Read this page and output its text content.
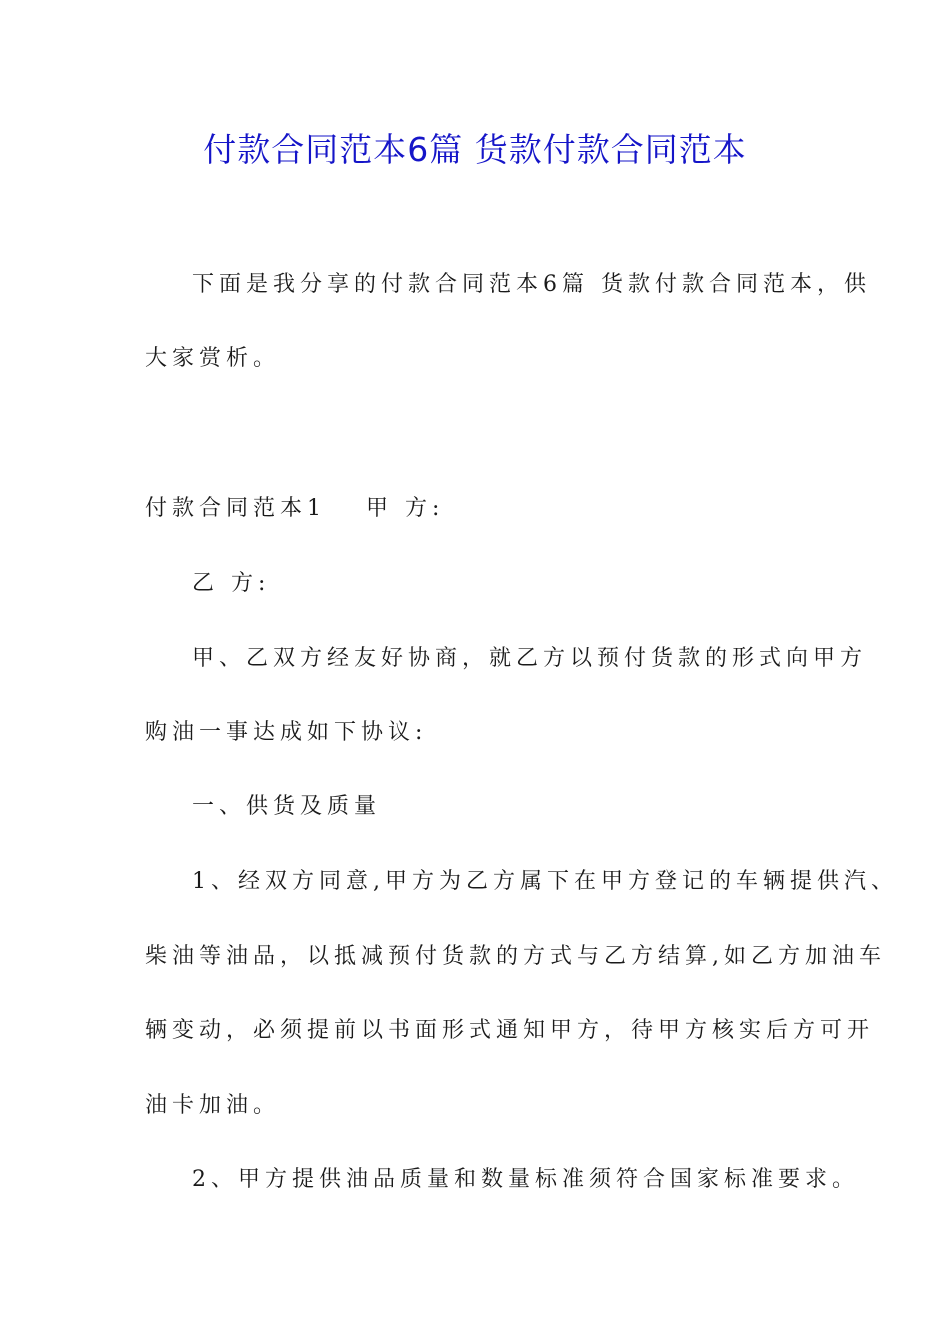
付款合同范本6篇 货款付款合同范本
下面是我分享的付款合同范本6篇 货款付款合同范本，供
大家赏析。
付款合同范本1 甲 方:
乙 方:
甲、乙双方经友好协商，就乙方以预付货款的形式向甲方
购油一事达成如下协议:
一、供货及质量
1、经双方同意,甲方为乙方属下在甲方登记的车辆提供汽、
柴油等油品，以抵减预付货款的方式与乙方结算,如乙方加油车
辆变动，必须提前以书面形式通知甲方，待甲方核实后方可开
油卡加油。
2、甲方提供油品质量和数量标准须符合国家标准要求。
